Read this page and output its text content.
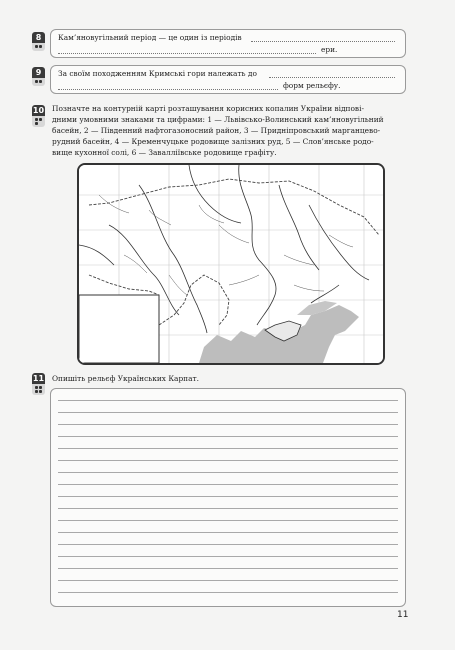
8	Кам’яновугільний період — це один із періодів
ери.
9	За своїм походженням Кримські гори належать до
форм рельєфу.
10 Позначте на контурній карті розташування корисних копалин України відпові-
дними умовними знаками та цифрами: 1 — Львівсько-Волинський кам’яновугільний
басейн, 2 — Південний нафтогазоносний район, 3 — Придніпровський марганцево-
рудний басейн, 4 — Кременчуцьке родовище залізних руд, 5 — Слов’янське родо-
вище кухонної солі, 6 — Завалліївське родовище графіту.
11 Опишіть рельєф Українських Карпат.
11
